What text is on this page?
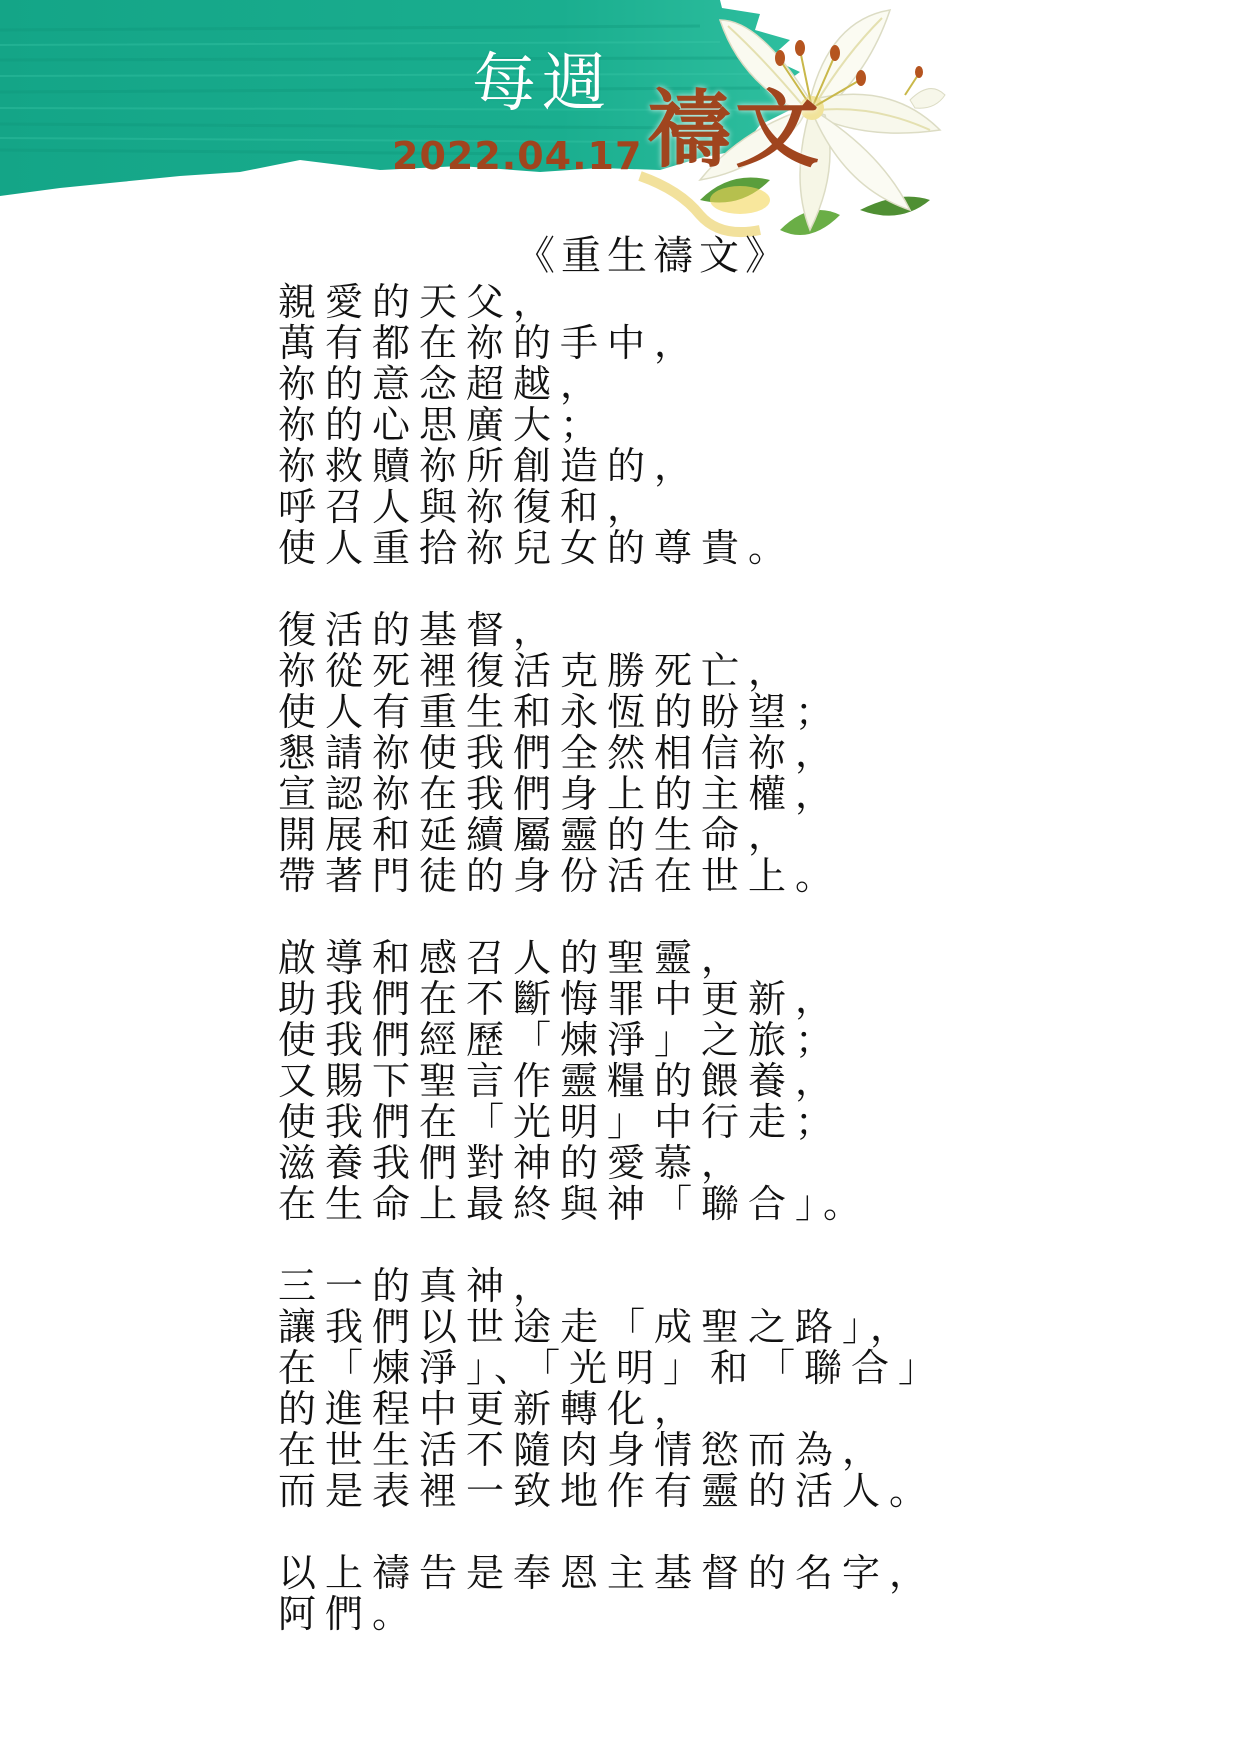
每週
2022.04.17 禱文
《重生禱文》
親愛的天父，
萬有都在祢的手中，
祢的意念超越，
祢的心思廣大；
祢救贖祢所創造的，
呼召人與祢復和，
使人重拾祢兒女的尊貴。
復活的基督，
祢從死裡復活克勝死亡，
使人有重生和永恆的盼望；
懇請祢使我們全然相信祢，
宣認祢在我們身上的主權，
開展和延續屬靈的生命，
帶著門徒的身份活在世上。
啟導和感召人的聖靈，
助我們在不斷悔罪中更新，
使我們經歷「煉淨」之旅；
又賜下聖言作靈糧的餵養，
使我們在「光明」中行走；
滋養我們對神的愛慕，
在生命上最終與神「聯合」。
三一的真神，
讓我們以世途走「成聖之路」，
在「煉淨」、「光明」和「聯合」
的進程中更新轉化，
在世生活不隨肉身情慾而為，
而是表裡一致地作有靈的活人。
以上禱告是奉恩主基督的名字，
阿們。
